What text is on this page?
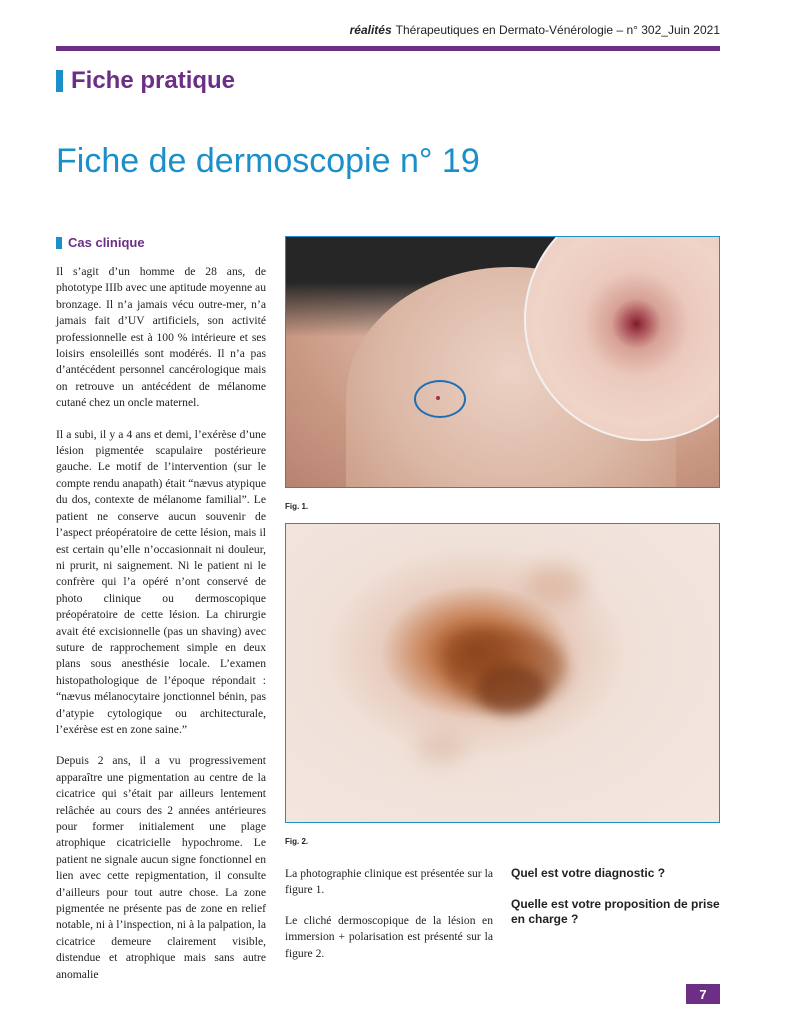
réalités Thérapeutiques en Dermato-Vénérologie – n° 302_Juin 2021
Fiche pratique
Fiche de dermoscopie n° 19
Cas clinique

Il s’agit d’un homme de 28 ans, de phototype IIIb avec une aptitude moyenne au bronzage. Il n’a jamais vécu outre-mer, n’a jamais fait d’UV artificiels, son activité professionnelle est à 100 % intérieure et ses loisirs ensoleillés sont modérés. Il n’a pas d’antécédent personnel cancérologique mais on retrouve un antécédent de mélanome cutané chez un oncle maternel.

Il a subi, il y a 4 ans et demi, l’exérèse d’une lésion pigmentée scapulaire postérieure gauche. Le motif de l’intervention (sur le compte rendu anapath) était “nævus atypique du dos, contexte de mélanome familial”. Le patient ne conserve aucun souvenir de l’aspect préopératoire de cette lésion, mais il est certain qu’elle n’occasionnait ni douleur, ni prurit, ni saignement. Ni le patient ni le confrère qui l’a opéré n’ont conservé de photo clinique ou dermoscopique préopératoire de cette lésion. La chirurgie avait été excisionnelle (pas un shaving) avec suture de rapprochement simple en deux plans sous anesthésie locale. L’examen histopathologique de l’époque répondait : “nævus mélanocytaire jonctionnel bénin, pas d’atypie cytologique ou architecturale, l’exérèse est en zone saine.”

Depuis 2 ans, il a vu progressivement apparaître une pigmentation au centre de la cicatrice qui s’était par ailleurs lentement relâchée au cours des 2 années antérieures pour former initialement une plage atrophique cicatricielle hypochrome. Le patient ne signale aucun signe fonctionnel en lien avec cette repigmentation, il consulte d’ailleurs pour tout autre chose. La zone pigmentée ne présente pas de zone en relief notable, ni à l’inspection, ni à la palpation, la cicatrice demeure clairement visible, distendue et atrophique mais sans autre anomalie

Fig. 1.
Fig. 2.

La photographie clinique est présentée sur la figure 1.

Le cliché dermoscopique de la lésion en immersion + polarisation est présenté sur la figure 2.

Quel est votre diagnostic ?

Quelle est votre proposition de prise en charge ?

7
